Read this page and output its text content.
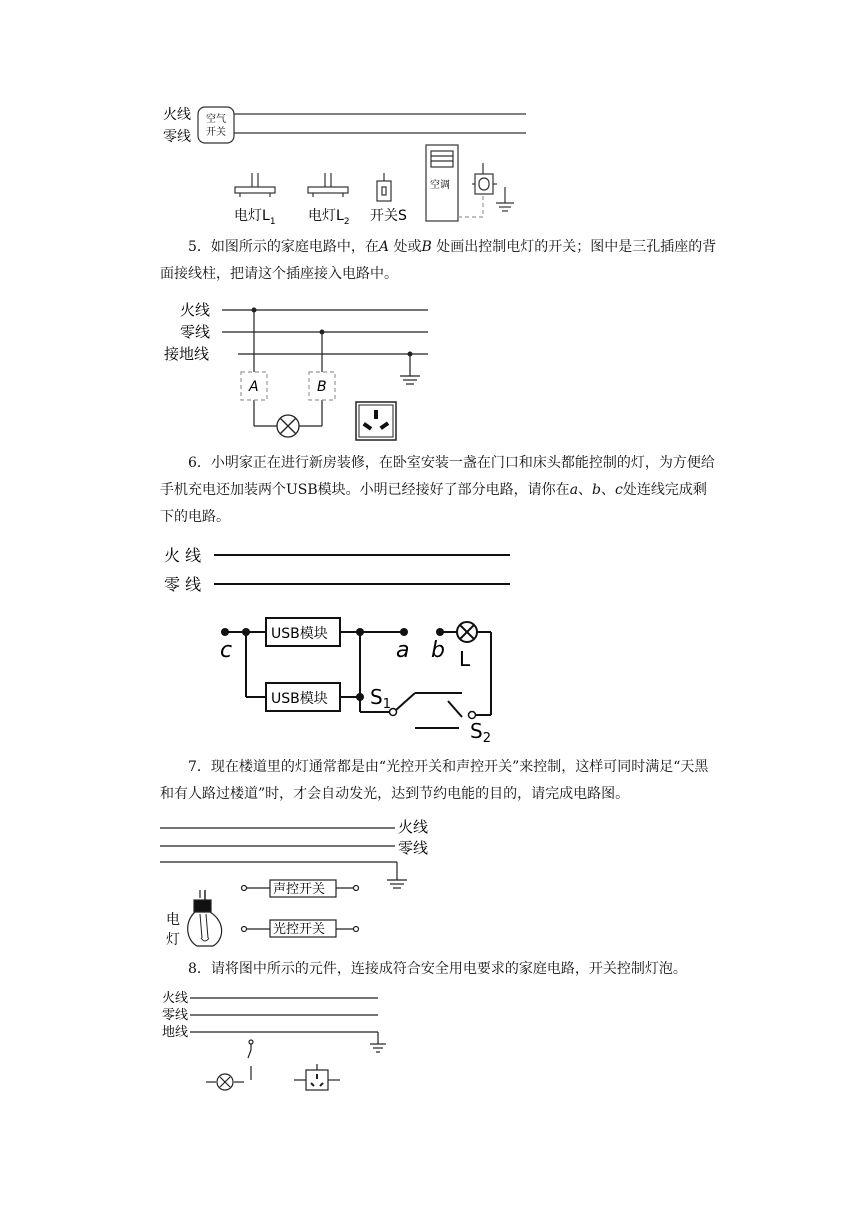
火线
零线
空气
开关
电灯$L_1$ 电灯$L_2$ 开关S
空调

5．如图所示的家庭电路中，在A 处或B 处画出控制电灯的开关；图中是三孔插座的背面接线柱，把请这个插座接入电路中。

火线
零线
接地线
A	B

6．小明家正在进行新房装修，在卧室安装一盏在门口和床头都能控制的灯，为方便给手机充电还加装两个USB模块。小明已经接好了部分电路，请你在a、b、c处连线完成剩下的电路。

火 线
零 线
USB模块
USB模块
c	a b L
$S_1$
$S_2$

7．现在楼道里的灯通常都是由“光控开关和声控开关”来控制，这样可同时满足“天黑和有人路过楼道”时，才会自动发光，达到节约电能的目的，请完成电路图。

火线
零线
声控开关
光控开关
电
灯

8．请将图中所示的元件，连接成符合安全用电要求的家庭电路，开关控制灯泡。

火线
零线
地线
